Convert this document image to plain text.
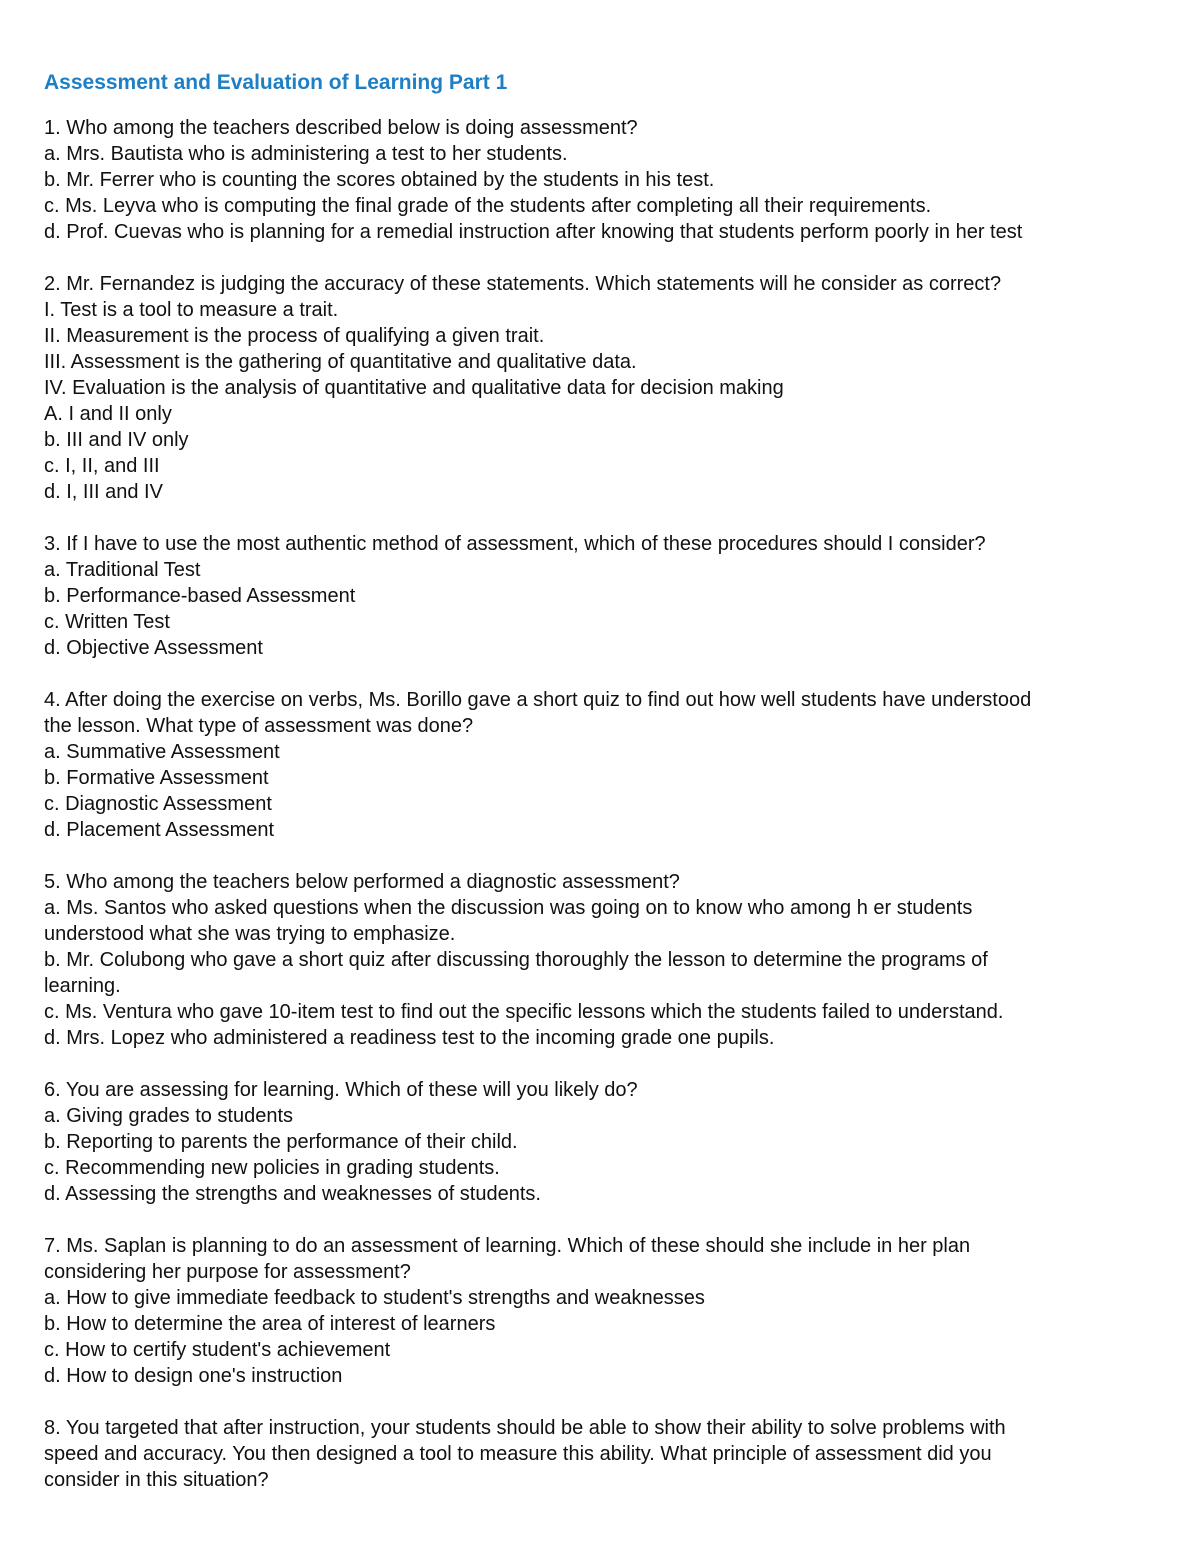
Assessment and Evaluation of Learning Part 1
1. Who among the teachers described below is doing assessment?
a. Mrs. Bautista who is administering a test to her students.
b. Mr. Ferrer who is counting the scores obtained by the students in his test.
c. Ms. Leyva who is computing the final grade of the students after completing all their requirements.
d. Prof. Cuevas who is planning for a remedial instruction after knowing that students perform poorly in her test
2. Mr. Fernandez is judging the accuracy of these statements. Which statements will he consider as correct?
I. Test is a tool to measure a trait.
II. Measurement is the process of qualifying a given trait.
III. Assessment is the gathering of quantitative and qualitative data.
IV. Evaluation is the analysis of quantitative and qualitative data for decision making
A. I and II only
b. III and IV only
c. I, II, and III
d. I, III and IV
3. If I have to use the most authentic method of assessment, which of these procedures should I consider?
a. Traditional Test
b. Performance-based Assessment
c. Written Test
d. Objective Assessment
4. After doing the exercise on verbs, Ms. Borillo gave a short quiz to find out how well students have understood
the lesson. What type of assessment was done?
a. Summative Assessment
b. Formative Assessment
c. Diagnostic Assessment
d. Placement Assessment
5. Who among the teachers below performed a diagnostic assessment?
a. Ms. Santos who asked questions when the discussion was going on to know who among h er students
understood what she was trying to emphasize.
b. Mr. Colubong who gave a short quiz after discussing thoroughly the lesson to determine the programs of
learning.
c. Ms. Ventura who gave 10-item test to find out the specific lessons which the students failed to understand.
d. Mrs. Lopez who administered a readiness test to the incoming grade one pupils.
6. You are assessing for learning. Which of these will you likely do?
a. Giving grades to students
b. Reporting to parents the performance of their child.
c. Recommending new policies in grading students.
d. Assessing the strengths and weaknesses of students.
7. Ms. Saplan is planning to do an assessment of learning. Which of these should she include in her plan
considering her purpose for assessment?
a. How to give immediate feedback to student's strengths and weaknesses
b. How to determine the area of interest of learners
c. How to certify student's achievement
d. How to design one's instruction
8. You targeted that after instruction, your students should be able to show their ability to solve problems with
speed and accuracy. You then designed a tool to measure this ability. What principle of assessment did you
consider in this situation?
